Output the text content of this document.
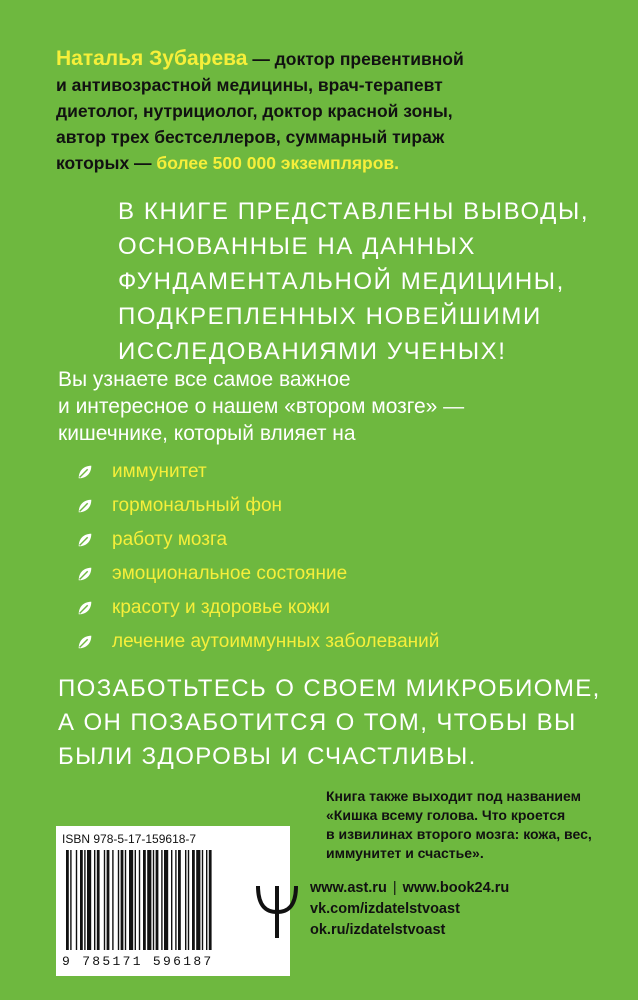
Наталья Зубарева — доктор превентивной
и антивозрастной медицины, врач-терапевт
диетолог, нутрициолог, доктор красной зоны,
автор трех бестселлеров, суммарный тираж
которых — более 500 000 экземпляров.
В КНИГЕ ПРЕДСТАВЛЕНЫ ВЫВОДЫ,
ОСНОВАННЫЕ НА ДАННЫХ
ФУНДАМЕНТАЛЬНОЙ МЕДИЦИНЫ,
ПОДКРЕПЛЕННЫХ НОВЕЙШИМИ
ИССЛЕДОВАНИЯМИ УЧЕНЫХ!
Вы узнаете все самое важное
и интересное о нашем «втором мозге» —
кишечнике, который влияет на
иммунитет
гормональный фон
работу мозга
эмоциональное состояние
красоту и здоровье кожи
лечение аутоиммунных заболеваний
ПОЗАБОТЬТЕСЬ О СВОЕМ МИКРОБИОМЕ,
А ОН ПОЗАБОТИТСЯ О ТОМ, ЧТОБЫ ВЫ
БЫЛИ ЗДОРОВЫ И СЧАСТЛИВЫ.
Книга также выходит под названием
«Кишка всему голова. Что кроется
в извилинах второго мозга: кожа, вес,
иммунитет и счастье».
ISBN 978-5-17-159618-7
9 785171 596187
www.ast.ru | www.book24.ru
vk.com/izdatelstvoast
ok.ru/izdatelstvoast
